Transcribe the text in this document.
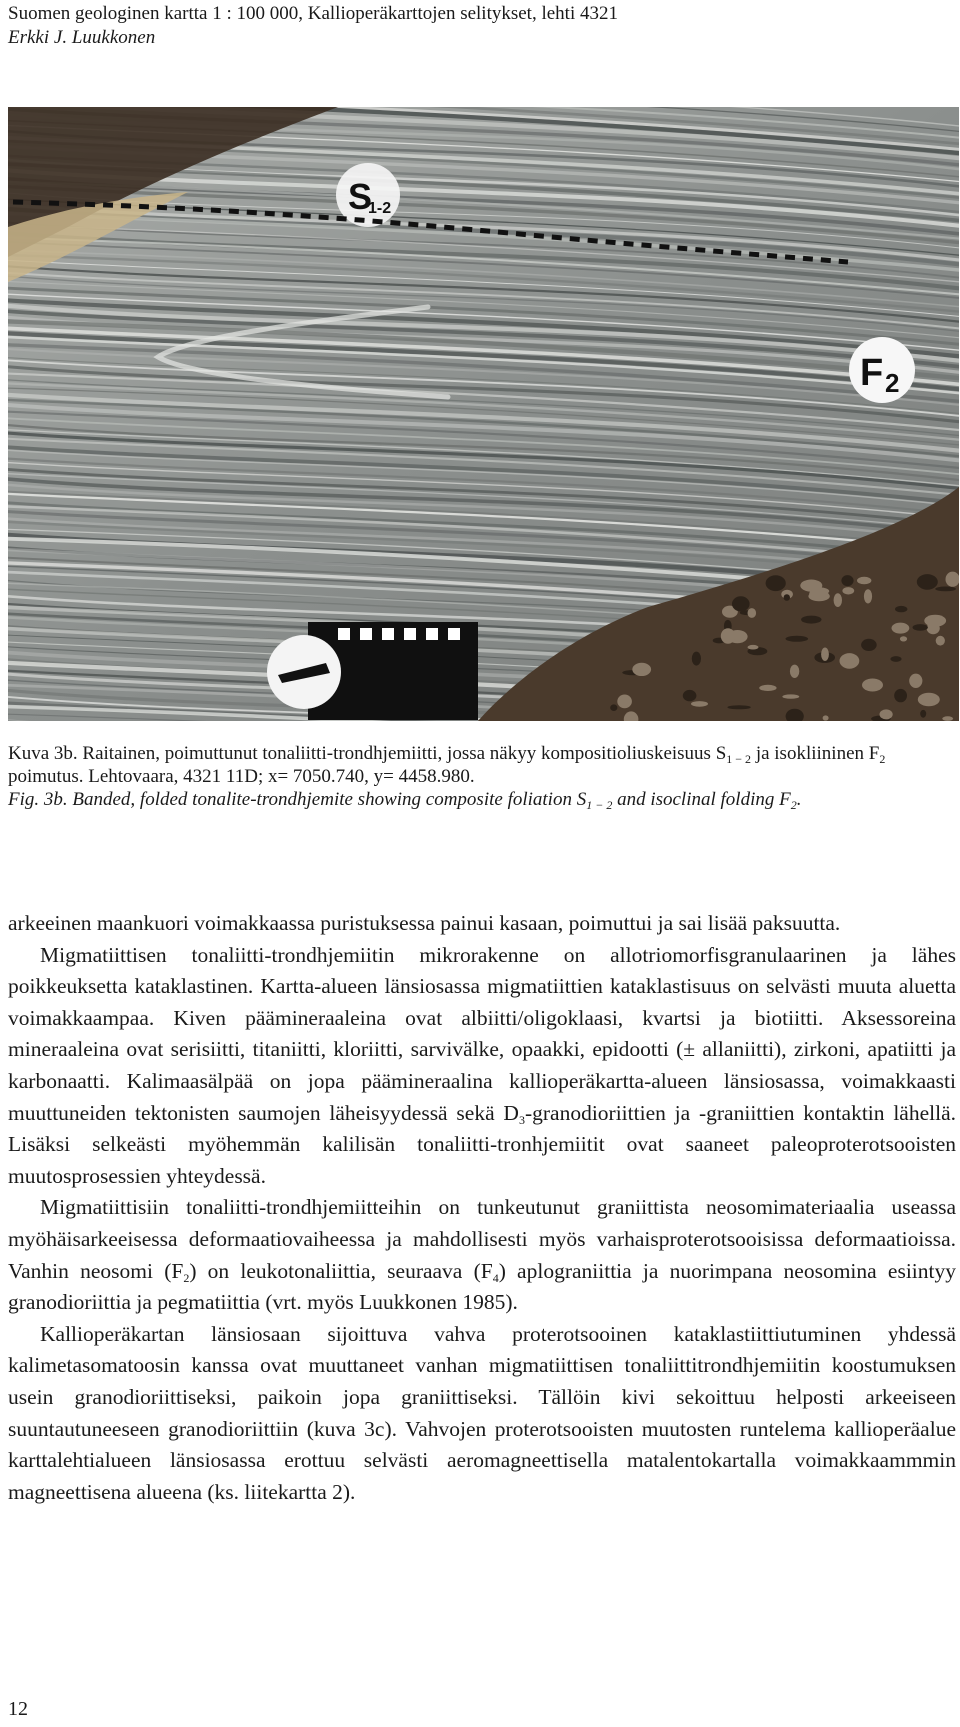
Suomen geologinen kartta 1 : 100 000, Kallioperäkarttojen selitykset, lehti 4321
Erkki J. Luukkonen
S
1-2
F 2
Kuva 3b. Raitainen, poimuttunut tonaliitti-trondhjemiitti, jossa näkyy kompositioliuskeisuus $S_{1 - 2}$ ja isokliininen $F_2$ poimutus. Lehtovaara, 4321 11D; x= 7050.740, y= 4458.980.
Fig. 3b. Banded, folded tonalite-trondhjemite showing composite foliation $S_{1 - 2}$ and isoclinal folding $F_2$.

arkeeinen maankuori voimakkaassa puristuksessa painui kasaan, poimuttui ja sai lisää paksuutta.

Migmatiittisen tonaliitti-trondhjemiitin mikrorakenne on allotriomorfisgranulaarinen ja lähes poikkeuksetta kataklastinen. Kartta-alueen länsiosassa migmatiittien kataklastisuus on selvästi muuta aluetta voimakkaampaa. Kiven päämineraaleina ovat albiitti/oligoklaasi, kvartsi ja biotiitti. Aksessoreina mineraaleina ovat serisiitti, titaniitti, kloriitti, sarvivälke, opaakki, epidootti (± allaniitti), zirkoni, apatiitti ja karbonaatti. Kalimaasälpää on jopa päämineraalina kallioperäkartta-alueen länsiosassa, voimakkaasti muuttuneiden tektonisten saumojen läheisyydessä sekä $D_3$-granodioriittien ja -graniittien kontaktin lähellä. Lisäksi selkeästi myöhemmän kalilisän tonaliitti-tronhjemiitit ovat saaneet paleoproterotsooisten muutosprosessien yhteydessä.

Migmatiittisiin tonaliitti-trondhjemiitteihin on tunkeutunut graniittista neosomimateriaalia useassa myöhäisarkeeisessa deformaatiovaiheessa ja mahdollisesti myös varhaisproterotsooisissa deformaatioissa. Vanhin neosomi $(F_2)$ on leukotonaliittia, seuraava $(F_4)$ aplograniittia ja nuorimpana neosomina esiintyy granodioriittia ja pegmatiittia (vrt. myös Luukkonen 1985).

Kallioperäkartan länsiosaan sijoittuva vahva proterotsooinen kataklastiittiutuminen yhdessä kalimetasomatoosin kanssa ovat muuttaneet vanhan migmatiittisen tonaliittitrondhjemiitin koostumuksen usein granodioriittiseksi, paikoin jopa graniittiseksi. Tällöin kivi sekoittuu helposti arkeeiseen suuntautuneeseen granodioriittiin (kuva 3c). Vahvojen proterotsooisten muutosten runtelema kallioperäalue karttalehtialueen länsiosassa erottuu selvästi aeromagneettisella matalentokartalla voimakkaammmin magneettisena alueena (ks. liitekartta 2).

12
